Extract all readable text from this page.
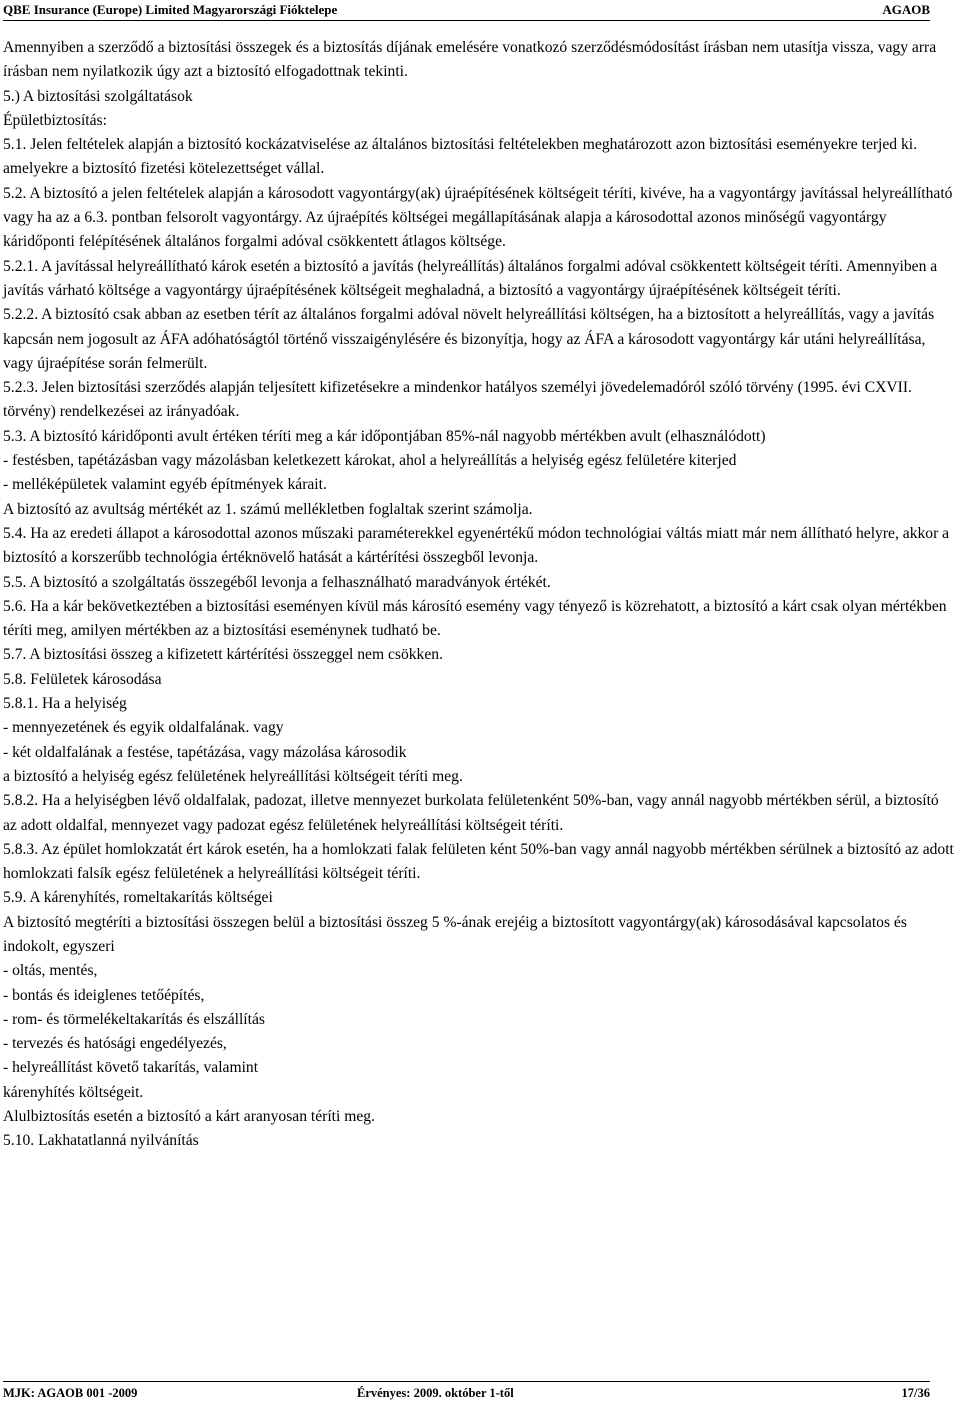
QBE Insurance (Europe) Limited Magyarországi Fióktelepe	AGAOB

Amennyiben a szerződő a biztosítási összegek és a biztosítás díjának emelésére vonatkozó szerződésmódosítást írásban nem utasítja vissza, vagy arra írásban nem nyilatkozik úgy azt a biztosító elfogadottnak tekinti.

5.) A biztosítási szolgáltatások

Épületbiztosítás:

5.1. Jelen feltételek alapján a biztosító kockázatviselése az általános biztosítási feltételekben meghatározott azon biztosítási eseményekre terjed ki. amelyekre a biztosító fizetési kötelezettséget vállal.

5.2. A biztosító a jelen feltételek alapján a károsodott vagyontárgy(ak) újraépítésének költségeit téríti, kivéve, ha a vagyontárgy javítással helyreállítható vagy ha az a 6.3. pontban felsorolt vagyontárgy. Az újraépítés költségei megállapításának alapja a károsodottal azonos minőségű vagyontárgy káridőponti felépítésének általános forgalmi adóval csökkentett átlagos költsége.

5.2.1. A javítással helyreállítható károk esetén a biztosító a javítás (helyreállítás) általános forgalmi adóval csökkentett költségeit téríti. Amennyiben a javítás várható költsége a vagyontárgy újraépítésének költségeit meghaladná, a biztosító a vagyontárgy újraépítésének költségeit téríti.

5.2.2. A biztosító csak abban az esetben térít az általános forgalmi adóval növelt helyreállítási költségen, ha a biztosított a helyreállítás, vagy a javítás kapcsán nem jogosult az ÁFA adóhatóságtól történő visszaigénylésére és bizonyítja, hogy az ÁFA a károsodott vagyontárgy kár utáni helyreállítása, vagy újraépítése során felmerült.

5.2.3. Jelen biztosítási szerződés alapján teljesített kifizetésekre a mindenkor hatályos személyi jövedelemadóról szóló törvény (1995. évi CXVII. törvény) rendelkezései az irányadóak.

5.3. A biztosító káridőponti avult értéken téríti meg a kár időpontjában 85%-nál nagyobb mértékben avult (elhasználódott)

- festésben, tapétázásban vagy mázolásban keletkezett károkat, ahol a helyreállítás a helyiség egész felületére kiterjed

- melléképületek valamint egyéb építmények kárait.

A biztosító az avultság mértékét az 1. számú mellékletben foglaltak szerint számolja.

5.4. Ha az eredeti állapot a károsodottal azonos műszaki paraméterekkel egyenértékű módon technológiai váltás miatt már nem állítható helyre, akkor a biztosító a korszerűbb technológia értéknövelő hatását a kártérítési összegből levonja.

5.5. A biztosító a szolgáltatás összegéből levonja a felhasználható maradványok értékét.

5.6. Ha a kár bekövetkeztében a biztosítási eseményen kívül más károsító esemény vagy tényező is közrehatott, a biztosító a kárt csak olyan mértékben téríti meg, amilyen mértékben az a biztosítási eseménynek tudható be.

5.7. A biztosítási összeg a kifizetett kártérítési összeggel nem csökken.

5.8. Felületek károsodása

5.8.1. Ha a helyiség

- mennyezetének és egyik oldalfalának. vagy

- két oldalfalának a festése, tapétázása, vagy mázolása károsodik

a biztosító a helyiség egész felületének helyreállítási költségeit téríti meg.

5.8.2. Ha a helyiségben lévő oldalfalak, padozat, illetve mennyezet burkolata felületenként 50%-ban, vagy annál nagyobb mértékben sérül, a biztosító az adott oldalfal, mennyezet vagy padozat egész felületének helyreállítási költségeit téríti.

5.8.3. Az épület homlokzatát ért károk esetén, ha a homlokzati falak felületen ként 50%-ban vagy annál nagyobb mértékben sérülnek a biztosító az adott homlokzati falsík egész felületének a helyreállítási költségeit téríti.

5.9. A kárenyhítés, romeltakarítás költségei

A biztosító megtéríti a biztosítási összegen belül a biztosítási összeg 5 %-ának erejéig a biztosított vagyontárgy(ak) károsodásával kapcsolatos és indokolt, egyszeri

- oltás, mentés,

- bontás és ideiglenes tetőépítés,

- rom- és törmelékeltakarítás és elszállítás

- tervezés és hatósági engedélyezés,

- helyreállítást követő takarítás, valamint

kárenyhítés költségeit.

Alulbiztosítás esetén a biztosító a kárt aranyosan téríti meg.

5.10. Lakhatatlanná nyilvánítás

MJK: AGAOB 001 -2009	Érvényes: 2009. október 1-től	17/36
